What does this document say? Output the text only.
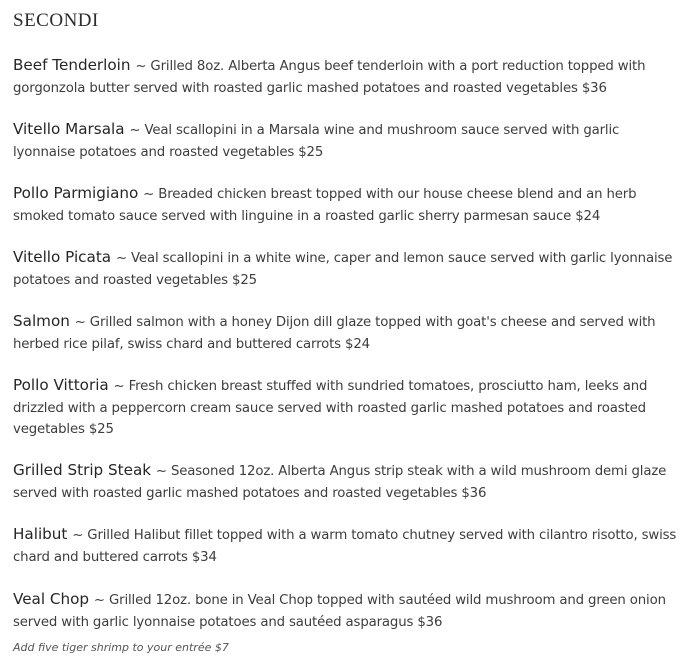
SECONDI
Beef Tenderloin ~ Grilled 8oz. Alberta Angus beef tenderloin with a port reduction topped with gorgonzola butter served with roasted garlic mashed potatoes and roasted vegetables $36
Vitello Marsala ~ Veal scallopini in a Marsala wine and mushroom sauce served with garlic lyonnaise potatoes and roasted vegetables $25
Pollo Parmigiano ~ Breaded chicken breast topped with our house cheese blend and an herb smoked tomato sauce served with linguine in a roasted garlic sherry parmesan sauce $24
Vitello Picata ~ Veal scallopini in a white wine, caper and lemon sauce served with garlic lyonnaise potatoes and roasted vegetables $25
Salmon ~ Grilled salmon with a honey Dijon dill glaze topped with goat's cheese and served with herbed rice pilaf, swiss chard and buttered carrots $24
Pollo Vittoria ~ Fresh chicken breast stuffed with sundried tomatoes, prosciutto ham, leeks and drizzled with a peppercorn cream sauce served with roasted garlic mashed potatoes and roasted vegetables $25
Grilled Strip Steak ~ Seasoned 12oz. Alberta Angus strip steak with a wild mushroom demi glaze served with roasted garlic mashed potatoes and roasted vegetables $36
Halibut ~ Grilled Halibut fillet topped with a warm tomato chutney served with cilantro risotto, swiss chard and buttered carrots $34
Veal Chop ~ Grilled 12oz. bone in Veal Chop topped with sautéed wild mushroom and green onion served with garlic lyonnaise potatoes and sautéed asparagus $36
Add five tiger shrimp to your entrée $7
